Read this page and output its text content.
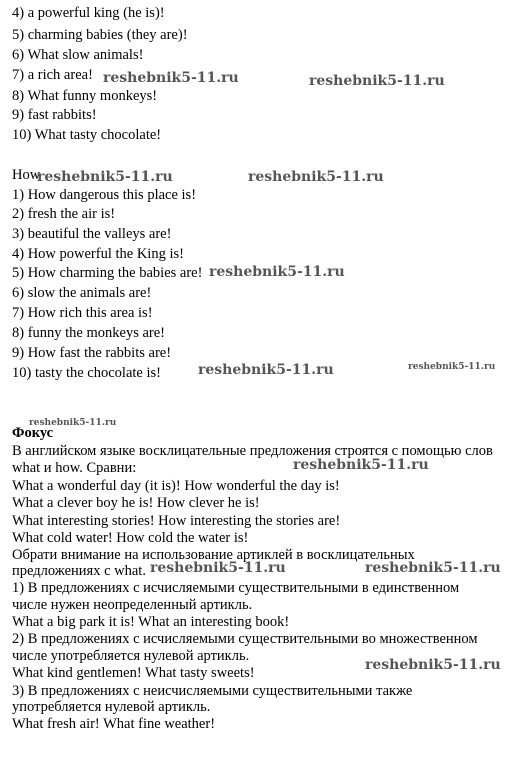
4) a powerful king (he is)!
5) charming babies (they are)!
6) What slow animals!
7) a rich area!
8) What funny monkeys!
9) fast rabbits!
10) What tasty chocolate!
How
1) How dangerous this place is!
2) fresh the air is!
3) beautiful the valleys are!
4) How powerful the King is!
5) How charming the babies are!
6) slow the animals are!
7) How rich this area is!
8) funny the monkeys are!
9) How fast the rabbits are!
10) tasty the chocolate is!
Фокус
В английском языке восклицательные предложения строятся с помощью слов
what и how. Сравни:
What a wonderful day (it is)! How wonderful the day is!
What a clever boy he is! How clever he is!
What interesting stories! How interesting the stories are!
What cold water! How cold the water is!
Обрати внимание на использование артиклей в восклицательных
предложениях с what.
1) В предложениях с исчисляемыми существительными в единственном
числе нужен неопределенный артикль.
What a big park it is! What an interesting book!
2) В предложениях с исчисляемыми существительными во множественном
числе употребляется нулевой артикль.
What kind gentlemen! What tasty sweets!
3) В предложениях с неисчисляемыми существительными также
употребляется нулевой артикль.
What fresh air! What fine weather!
reshebnik5-11.ru	reshebnik5-11.ru
reshebnik5-11.ru	reshebnik5-11.ru
reshebnik5-11.ru
reshebnik5-11.ru	reshebnik5-11.ru
reshebnik5-11.ru
reshebnik5-11.ru
reshebnik5-11.ru	reshebnik5-11.ru
reshebnik5-11.ru
